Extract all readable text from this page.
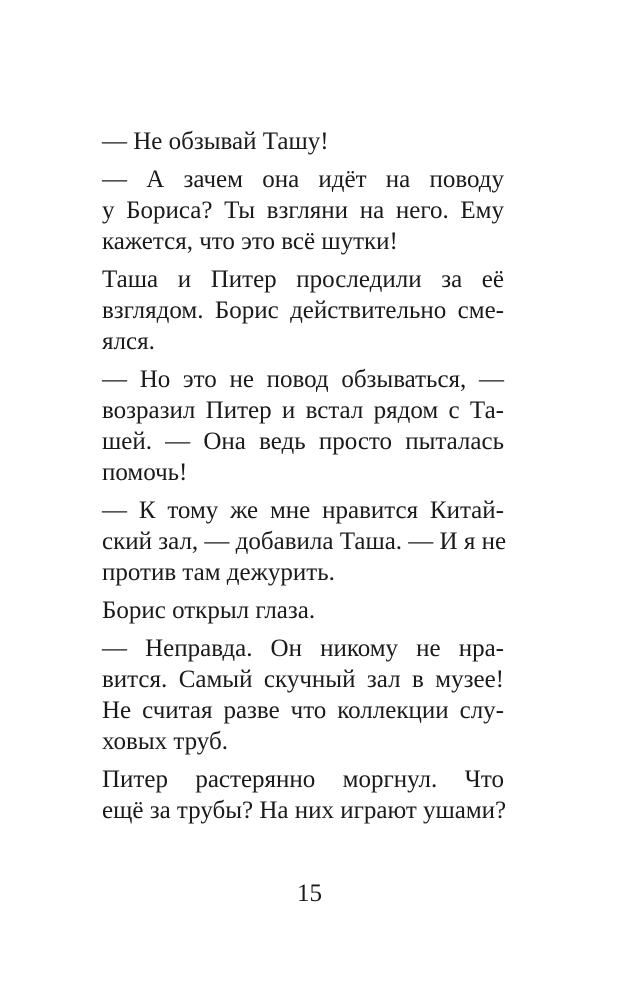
— Не обзывай Ташу!
— А зачем она идёт на поводу
у Бориса? Ты взгляни на него. Ему
кажется, что это всё шутки!
Таша и Питер проследили за её
взглядом. Борис действительно сме-
ялся.
— Но это не повод обзываться, —
возразил Питер и встал рядом с Та-
шей. — Она ведь просто пыталась
помочь!
— К тому же мне нравится Китай-
ский зал, — добавила Таша. — И я не
против там дежурить.
Борис открыл глаза.
— Неправда. Он никому не нра-
вится. Самый скучный зал в музее!
Не считая разве что коллекции слу-
ховых труб.
Питер растерянно моргнул. Что
ещё за трубы? На них играют ушами?
15
